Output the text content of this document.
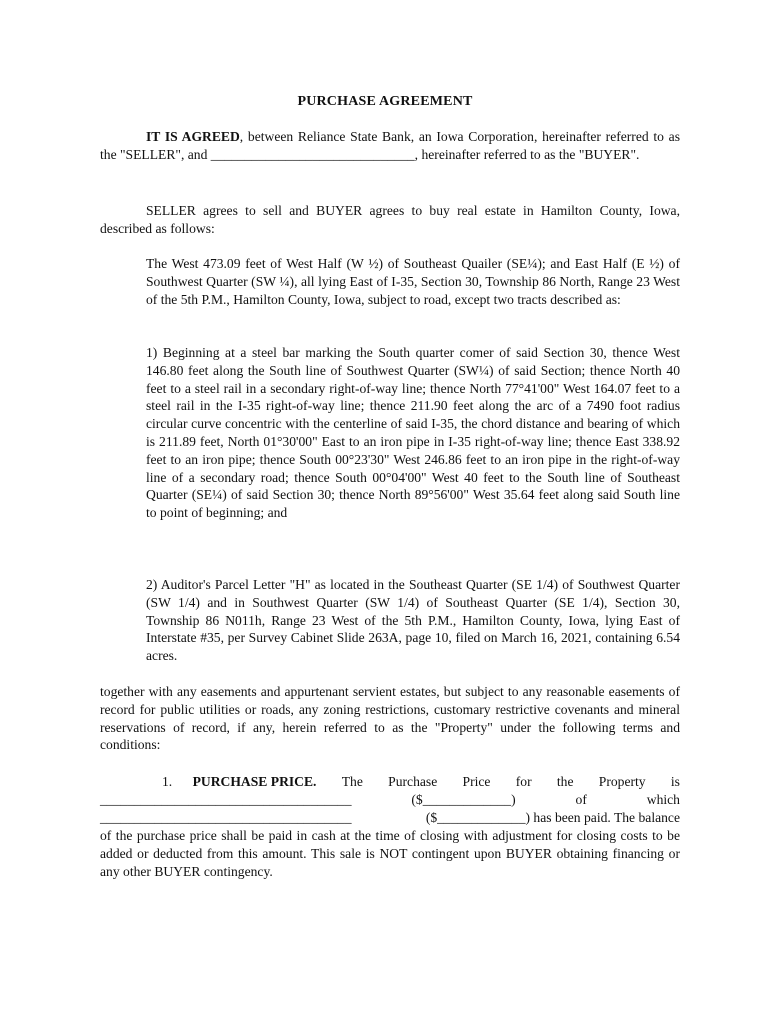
PURCHASE AGREEMENT
IT IS AGREED, between Reliance State Bank, an Iowa Corporation, hereinafter referred to as the "SELLER", and ______________________________, hereinafter referred to as the "BUYER".
SELLER agrees to sell and BUYER agrees to buy real estate in Hamilton County, Iowa, described as follows:
The West 473.09 feet of West Half (W ½) of Southeast Quailer (SE¼); and East Half (E ½) of Southwest Quarter (SW ¼), all lying East of I-35, Section 30, Township 86 North, Range 23 West of the 5th P.M., Hamilton County, Iowa, subject to road, except two tracts described as:
1) Beginning at a steel bar marking the South quarter comer of said Section 30, thence West 146.80 feet along the South line of Southwest Quarter (SW¼) of said Section; thence North 40 feet to a steel rail in a secondary right-of-way line; thence North 77°41'00" West 164.07 feet to a steel rail in the I-35 right-of-way line; thence 211.90 feet along the arc of a 7490 foot radius circular curve concentric with the centerline of said I-35, the chord distance and bearing of which is 211.89 feet, North 01°30'00" East to an iron pipe in I-35 right-of-way line; thence East 338.92 feet to an iron pipe; thence South 00°23'30" West 246.86 feet to an iron pipe in the right-of-way line of a secondary road; thence South 00°04'00" West 40 feet to the South line of Southeast Quarter (SE¼) of said Section 30; thence North 89°56'00" West 35.64 feet along said South line to point of beginning; and
2) Auditor's Parcel Letter "H" as located in the Southeast Quarter (SE 1/4) of Southwest Quarter (SW 1/4) and in Southwest Quarter (SW 1/4) of Southeast Quarter (SE 1/4), Section 30, Township 86 N011h, Range 23 West of the 5th P.M., Hamilton County, Iowa, lying East of Interstate #35, per Survey Cabinet Slide 263A, page 10, filed on March 16, 2021, containing 6.54 acres.
together with any easements and appurtenant servient estates, but subject to any reasonable easements of record for public utilities or roads, any zoning restrictions, customary restrictive covenants and mineral reservations of record, if any, herein referred to as the "Property" under the following terms and conditions:
1. PURCHASE PRICE. The Purchase Price for the Property is
_____________________________________	($_____________)	of	which
_____________________________________	($_____________) has been paid. The balance
of the purchase price shall be paid in cash at the time of closing with adjustment for closing costs to be added or deducted from this amount. This sale is NOT contingent upon BUYER obtaining financing or any other BUYER contingency.
